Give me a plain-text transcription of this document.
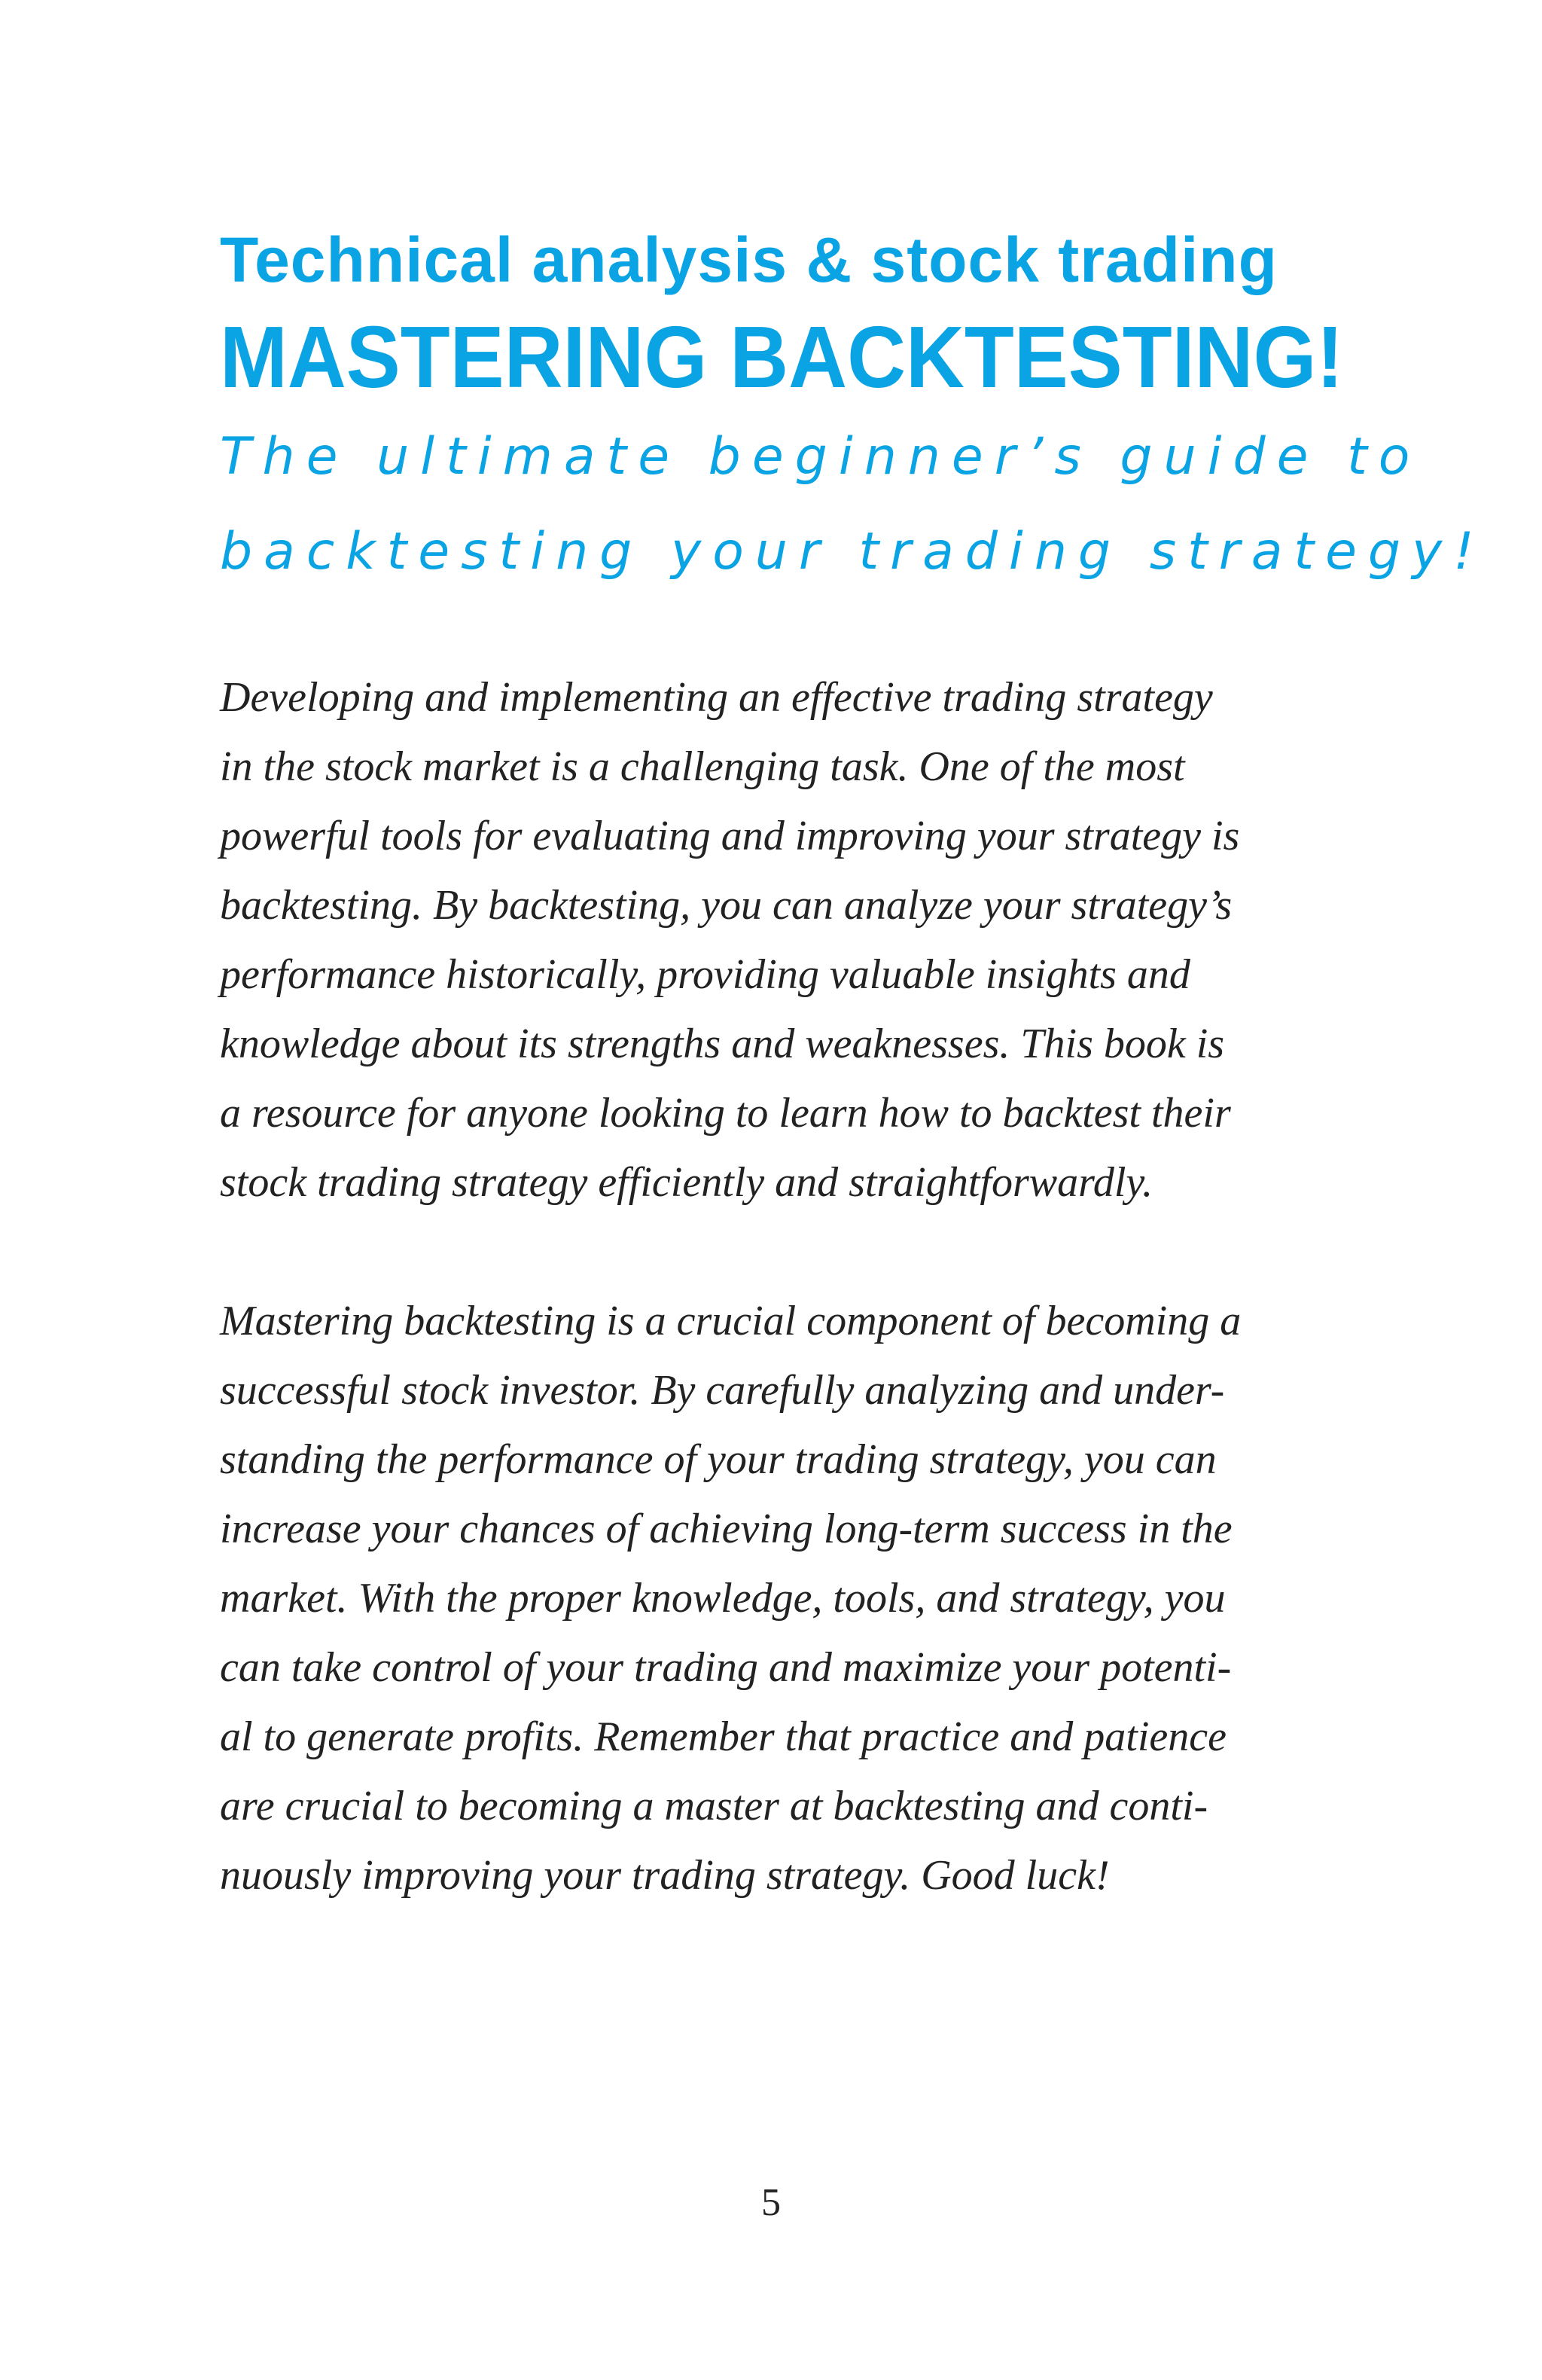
Technical analysis & stock trading
MASTERING BACKTESTING!
The ultimate beginner’s guide to
backtesting your trading strategy!

Developing and implementing an effective trading strategy
in the stock market is a challenging task. One of the most
powerful tools for evaluating and improving your strategy is
backtesting. By backtesting, you can analyze your strategy’s
performance historically, providing valuable insights and
knowledge about its strengths and weaknesses. This book is
a resource for anyone looking to learn how to backtest their
stock trading strategy efficiently and straightforwardly.

Mastering backtesting is a crucial component of becoming a
successful stock investor. By carefully analyzing and under-
standing the performance of your trading strategy, you can
increase your chances of achieving long-term success in the
market. With the proper knowledge, tools, and strategy, you
can take control of your trading and maximize your potenti-
al to generate profits. Remember that practice and patience
are crucial to becoming a master at backtesting and conti-
nuously improving your trading strategy. Good luck!

5
